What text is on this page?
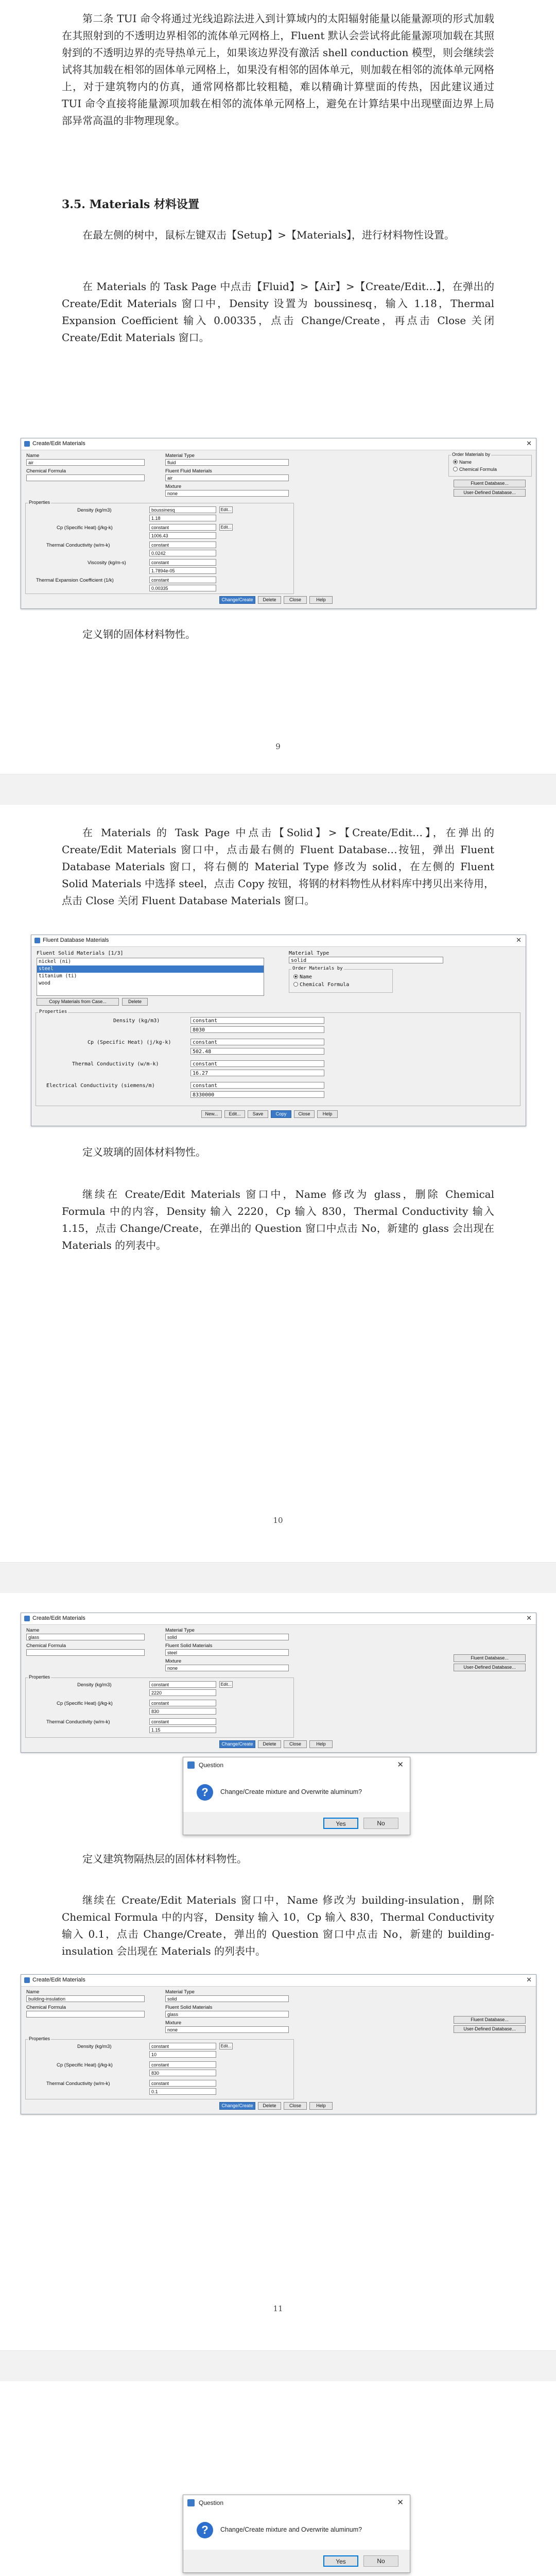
第二条 TUI 命令将通过光线追踪法进入到计算域内的太阳辐射能量以能量源项的形式加载在其照射到的不透明边界相邻的流体单元网格上，Fluent 默认会尝试将此能量源项加载在其照射到的不透明边界的壳导热单元上，如果该边界没有激活 shell conduction 模型，则会继续尝试将其加载在相邻的固体单元网格上，如果没有相邻的固体单元，则加载在相邻的流体单元网格上，对于建筑物内的仿真，通常网格都比较粗糙，难以精确计算壁面的传热，因此建议通过 TUI 命令直接将能量源项加载在相邻的流体单元网格上，避免在计算结果中出现壁面边界上局部异常高温的非物理现象。

3.5. Materials 材料设置

在最左侧的树中，鼠标左键双击【Setup】>【Materials】，进行材料物性设置。

在 Materials 的 Task Page 中点击【Fluid】>【Air】>【Create/Edit…】，在弹出的 Create/Edit Materials 窗口中，Density 设置为 boussinesq，输入 1.18，Thermal Expansion Coefficient 输入 0.00335，点击 Change/Create，再点击 Close 关闭 Create/Edit Materials 窗口。

Create/Edit Materials	✕
Name
air
Material Type
fluid
Chemical Formula	Fluent Fluid Materials
air
Mixture
none
Order Materials by
Name
Chemical Formula
Fluent Database...
User-Defined Database...
Properties
Density (kg/m3)	boussinesq	Edit...
1.18
Cp (Specific Heat) (j/kg-k)	constant	Edit...
1006.43
Thermal Conductivity (w/m-k)	constant
0.0242
Viscosity (kg/m-s)	constant
1.7894e-05
Thermal Expansion Coefficient (1/k)	constant
0.00335
Change/Create	Delete	Close	Help

定义钢的固体材料物性。

9

在 Materials 的 Task Page 中点击【Solid】>【Create/Edit…】，在弹出的 Create/Edit Materials 窗口中，点击最右侧的 Fluent Database…按钮，弹出 Fluent Database Materials 窗口，将右侧的 Material Type 修改为 solid，在左侧的 Fluent Solid Materials 中选择 steel，点击 Copy 按钮，将钢的材料物性从材料库中拷贝出来待用，点击 Close 关闭 Fluent Database Materials 窗口。

Fluent Database Materials	✕
Fluent Solid Materials [1/3]
nickel (ni)
steel
titanium (ti)
wood
Material Type
solid
Order Materials by
Name
Chemical Formula
Copy Materials from Case...	Delete
Properties
Density (kg/m3)	constant
8030
Cp (Specific Heat) (j/kg-k)	constant
502.48
Thermal Conductivity (w/m-k)	constant
16.27
Electrical Conductivity (siemens/m)	constant
8330000
New...	Edit...	Save	Copy	Close	Help

定义玻璃的固体材料物性。

继续在 Create/Edit Materials 窗口中，Name 修改为 glass，删除 Chemical Formula 中的内容，Density 输入 2220，Cp 输入 830，Thermal Conductivity 输入 1.15，点击 Change/Create，在弹出的 Question 窗口中点击 No，新建的 glass 会出现在 Materials 的列表中。

10
Create/Edit Materials	✕
Name
glass
Material Type
solid
Chemical Formula	Fluent Solid Materials
steel
Mixture
none
Fluent Database...
User-Defined Database...
Properties
Density (kg/m3)	constant	Edit...
2220
Cp (Specific Heat) (j/kg-k)	constant
830
Thermal Conductivity (w/m-k)	constant
1.15
Change/Create	Delete	Close	Help
Question	✕
?	Change/Create mixture and Overwrite aluminum?
Yes	No

定义建筑物隔热层的固体材料物性。

继续在 Create/Edit Materials 窗口中，Name 修改为 building-insulation，删除 Chemical Formula 中的内容，Density 输入 10，Cp 输入 830，Thermal Conductivity 输入 0.1，点击 Change/Create，弹出的 Question 窗口中点击 No，新建的 building-insulation 会出现在 Materials 的列表中。

Create/Edit Materials	✕
Name
building-insulation
Material Type
solid
Chemical Formula	Fluent Solid Materials
glass
Mixture
none
Fluent Database...
User-Defined Database...
Properties
Density (kg/m3)	constant	Edit...
10
Cp (Specific Heat) (j/kg-k)	constant
830
Thermal Conductivity (w/m-k)	constant
0.1
Change/Create	Delete	Close	Help
11
Question	✕
?	Change/Create mixture and Overwrite aluminum?
Yes	No
